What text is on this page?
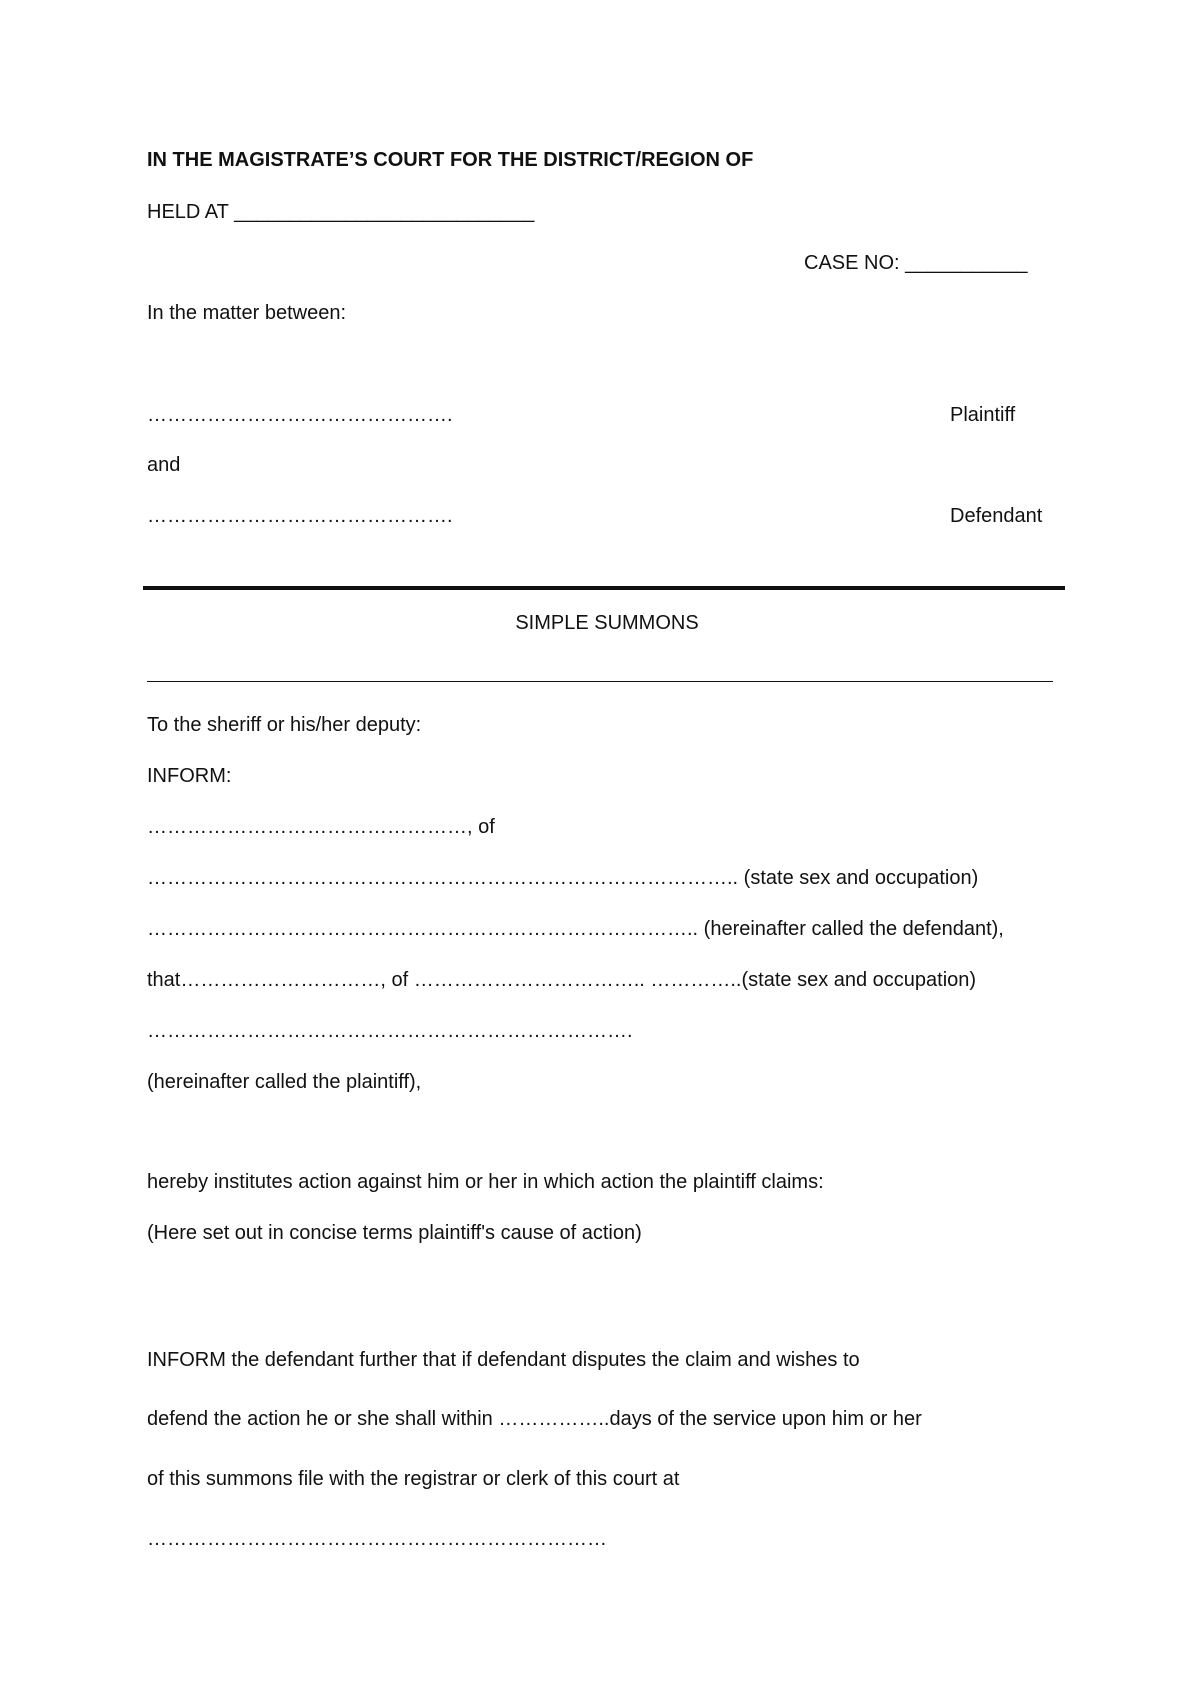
IN THE MAGISTRATE’S COURT FOR THE DISTRICT/REGION OF
HELD AT ___________________________
CASE NO: ___________
In the matter between:
……………………………………….	Plaintiff
and
……………………………………….	Defendant
SIMPLE SUMMONS
To the sheriff or his/her deputy:
INFORM:
…………………………………………, of
…………………………………………………………………………….. (state sex and occupation)
……………………………………………………………………….. (hereinafter called the defendant),
that…………………………, of …………………………….. …………..(state sex and occupation)
……………………………………………………………….
(hereinafter called the plaintiff),
hereby institutes action against him or her in which action the plaintiff claims:
(Here set out in concise terms plaintiff's cause of action)
INFORM the defendant further that if defendant disputes the claim and wishes to
defend the action he or she shall within ……………..days of the service upon him or her
of this summons file with the registrar or clerk of this court at
……………………………………………………………
